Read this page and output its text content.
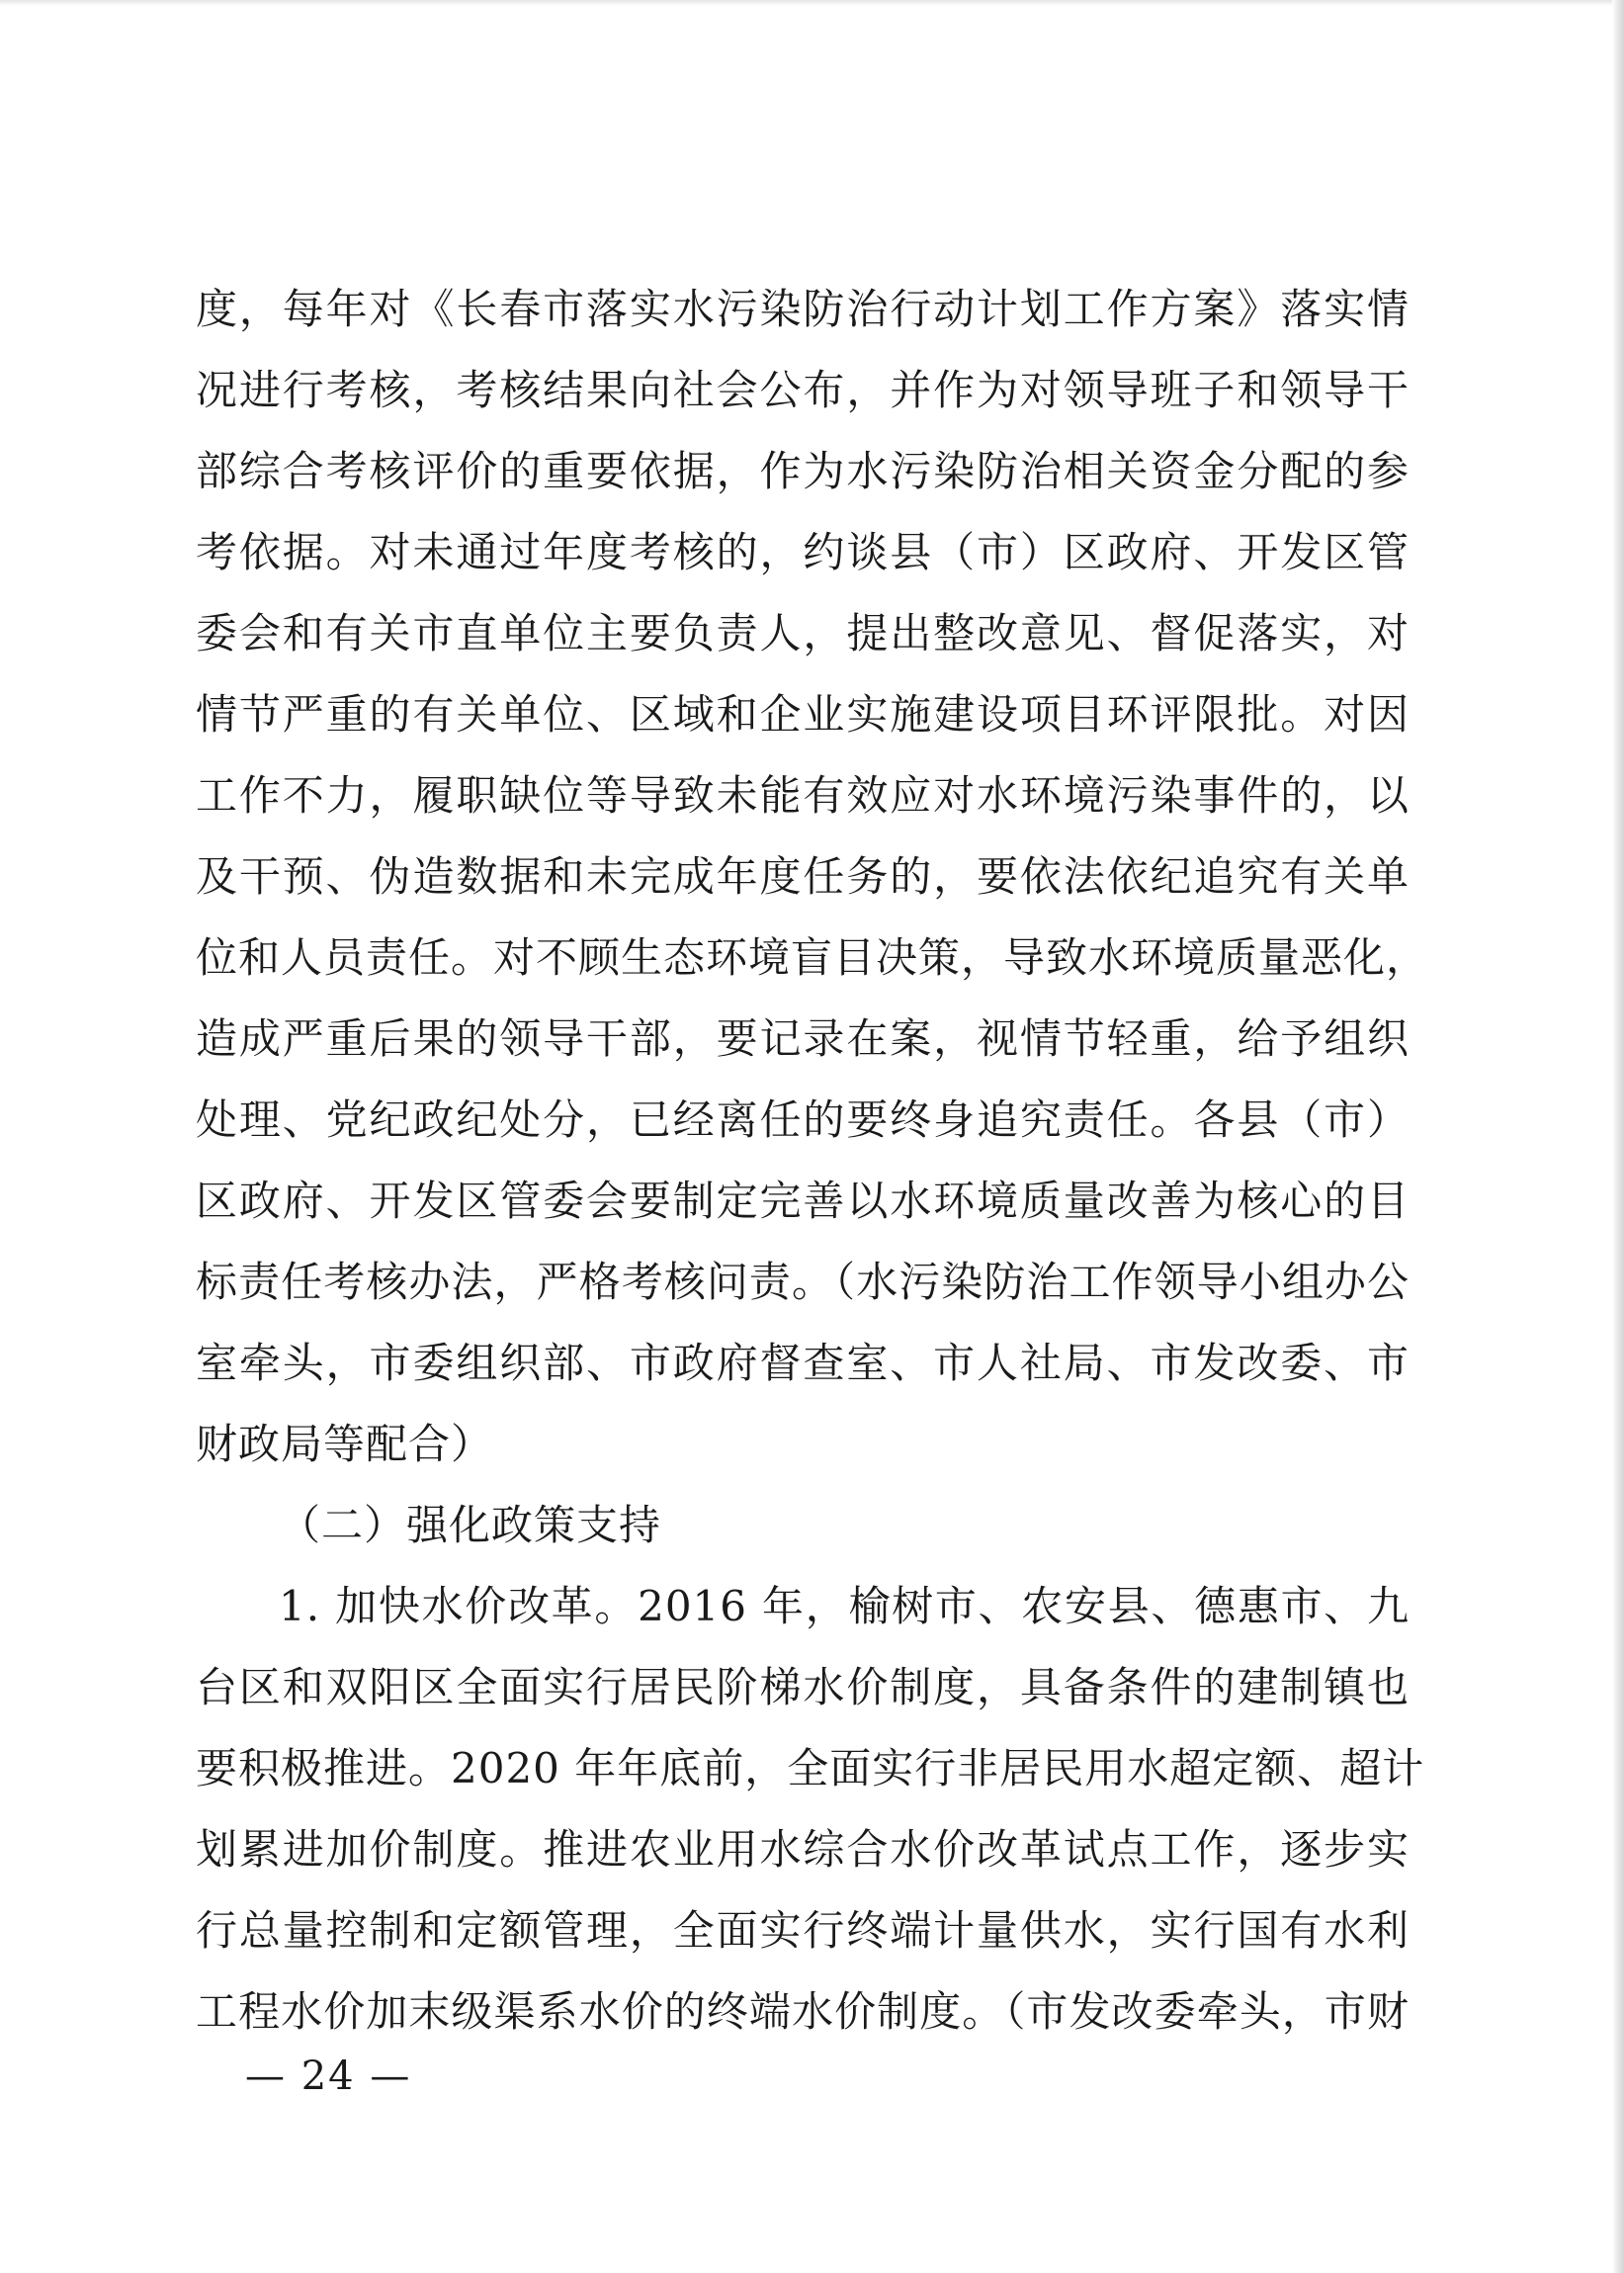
度，每年对《长春市落实水污染防治行动计划工作方案》落实情
况进行考核，考核结果向社会公布，并作为对领导班子和领导干
部综合考核评价的重要依据，作为水污染防治相关资金分配的参
考依据。对未通过年度考核的，约谈县（市）区政府、开发区管
委会和有关市直单位主要负责人，提出整改意见、督促落实，对
情节严重的有关单位、区域和企业实施建设项目环评限批。对因
工作不力，履职缺位等导致未能有效应对水环境污染事件的，以
及干预、伪造数据和未完成年度任务的，要依法依纪追究有关单
位和人员责任。对不顾生态环境盲目决策，导致水环境质量恶化，
造成严重后果的领导干部，要记录在案，视情节轻重，给予组织
处理、党纪政纪处分，已经离任的要终身追究责任。各县（市）
区政府、开发区管委会要制定完善以水环境质量改善为核心的目
标责任考核办法，严格考核问责。（水污染防治工作领导小组办公
室牵头，市委组织部、市政府督查室、市人社局、市发改委、市
财政局等配合）
（二）强化政策支持
1. 加快水价改革。2016 年，榆树市、农安县、德惠市、九
台区和双阳区全面实行居民阶梯水价制度，具备条件的建制镇也
要积极推进。2020 年年底前，全面实行非居民用水超定额、超计
划累进加价制度。推进农业用水综合水价改革试点工作，逐步实
行总量控制和定额管理，全面实行终端计量供水，实行国有水利
工程水价加末级渠系水价的终端水价制度。（市发改委牵头，市财
— 24 —
